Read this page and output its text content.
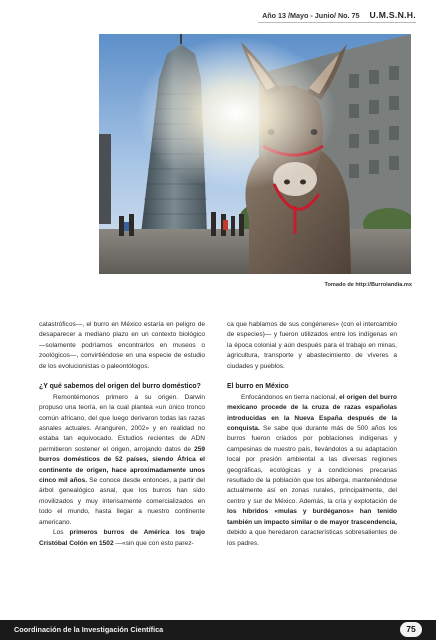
Año 13 /Mayo - Junio/ No. 75 U.M.S.N.H.
Tomado de http://Burrolandia.mx

catastróficos—, el burro en México estaría en peligro de desaparecer a mediano plazo en un contexto biológico —solamente podríamos encontrarlos en museos o zoológicos—, convirtiéndose en una especie de estudio de los evolucionistas o paleontólogos.

¿Y qué sabemos del origen del burro doméstico?

Remontémonos primero a su origen. Darwin propuso una teoría, en la cual plantea «un único tronco común africano, del que luego derivaron todas las razas asnales actuales. Aranguren, 2002» y en realidad no estaba tan equivocado. Estudios recientes de ADN permitieron sostener el origen, arrojando datos de 259 burros domésticos de 52 países, siendo África el continente de origen, hace aproximadamente unos cinco mil años. Se conoce desde entonces, a partir del árbol genealógico asnal, que los burros han sido movilizados y muy intensamente comercializados en todo el mundo, hasta llegar a nuestro continente americano.

Los primeros burros de América los trajo Cristóbal Colón en 1502 —«sin que con esto parez-

ca que hablamos de sus congéneres» (con el intercambio de especies)— y fueron utilizados entre los indígenas en la época colonial y aún después para el trabajo en minas, agricultura, transporte y abastecimiento de víveres a ciudades y pueblos.

El burro en México

Enfocándonos en tierra nacional, el origen del burro mexicano procede de la cruza de razas españolas introducidas en la Nueva España después de la conquista. Se sabe que durante más de 500 años los burros fueron criados por poblaciones indígenas y campesinas de nuestro país, llevándolos a su adaptación local por presión ambiental a las diversas regiones geográficas, ecológicas y a condiciones precarias resultado de la población que los alberga, manteniéndose actualmente así en zonas rurales, principalmente, del centro y sur de México. Además, la cría y explotación de los híbridos «mulas y burdéganos» han tenido también un impacto similar o de mayor trascendencia, debido a que heredaron características sobresalientes de los padres.

Coordinación de la Investigación Científica	75
